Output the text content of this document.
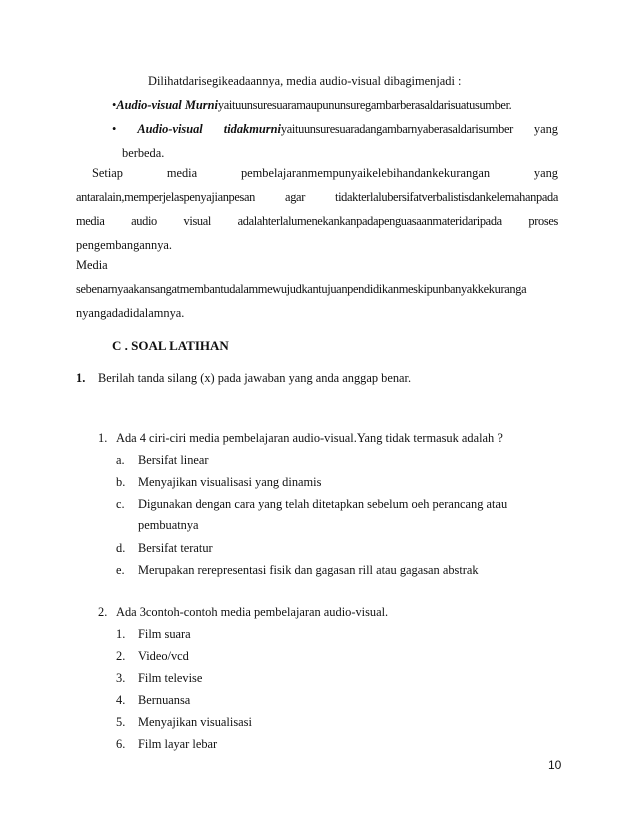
Dilihatdarisegikeadaannya, media audio-visual dibagimenjadi :
•Audio-visual Murniyaituunsuresuaramaupununsuregambarberasaldarisuatusumber.
• Audio-visual tidakmurniyaituunsuresuaradangambarnyaberasaldarisumber yang
berbeda.
Setiap	media	pembelajaranmempunyaikelebihandankekurangan	yang
antaralain,memperjelaspenyajianpesan agar tidakterlalubersifatverbalistisdankelemahanpada
media audio visual adalahterlalumenekankanpadapenguasaanmateridaripada proses
pengembangannya.
Media
sebenarnyaakansangatmembantudalammewujudkantujuanpendidikanmeskipunbanyakkekuranga
nyangadadidalamnya.
C . SOAL LATIHAN
1. Berilah tanda silang (x) pada jawaban yang anda anggap benar.
1. Ada 4 ciri-ciri media pembelajaran audio-visual.Yang tidak termasuk adalah ?
a. Bersifat linear
b. Menyajikan visualisasi yang dinamis
c. Digunakan dengan cara yang telah ditetapkan sebelum oeh perancang atau
pembuatnya
d. Bersifat teratur
e. Merupakan rerepresentasi fisik dan gagasan rill atau gagasan abstrak
2. Ada 3contoh-contoh media pembelajaran audio-visual.
1. Film suara
2. Video/vcd
3. Film televise
4. Bernuansa
5. Menyajikan visualisasi
6. Film layar lebar
10
